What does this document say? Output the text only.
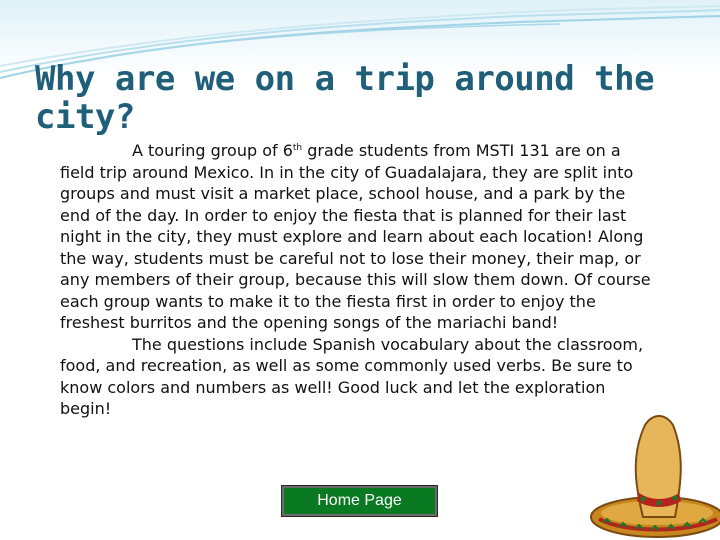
Why are we on a trip around the city?

A touring group of 6th grade students from MSTI 131 are on a field trip around Mexico. In in the city of Guadalajara, they are split into groups and must visit a market place, school house, and a park by the end of the day. In order to enjoy the fiesta that is planned for their last night in the city, they must explore and learn about each location! Along the way, students must be careful not to lose their money, their map, or any members of their group, because this will slow them down. Of course each group wants to make it to the fiesta first in order to enjoy the freshest burritos and the opening songs of the mariachi band!

The questions include Spanish vocabulary about the classroom, food, and recreation, as well as some commonly used verbs. Be sure to know colors and numbers as well! Good luck and let the exploration begin!

Home Page
